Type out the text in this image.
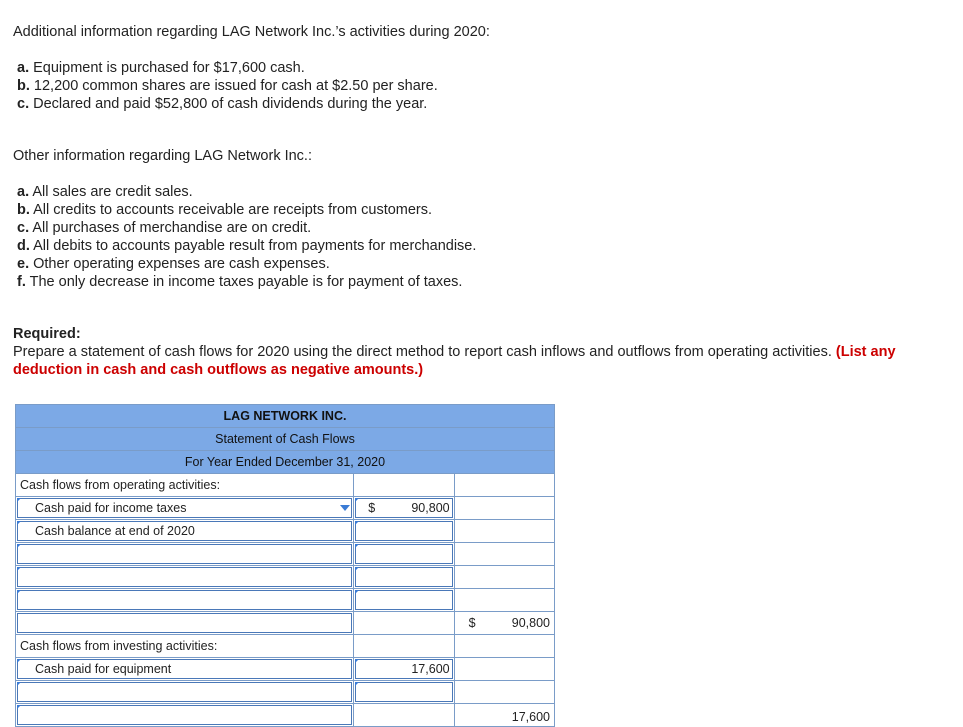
Additional information regarding LAG Network Inc.’s activities during 2020:
a. Equipment is purchased for $17,600 cash.
b. 12,200 common shares are issued for cash at $2.50 per share.
c. Declared and paid $52,800 of cash dividends during the year.
Other information regarding LAG Network Inc.:
a. All sales are credit sales.
b. All credits to accounts receivable are receipts from customers.
c. All purchases of merchandise are on credit.
d. All debits to accounts payable result from payments for merchandise.
e. Other operating expenses are cash expenses.
f. The only decrease in income taxes payable is for payment of taxes.
Required:
Prepare a statement of cash flows for 2020 using the direct method to report cash inflows and outflows from operating activities. (List any deduction in cash and cash outflows as negative amounts.)
LAG NETWORK INC.		
Statement of Cash Flows		
For Year Ended December 31, 2020		
Cash flows from operating activities:		

Cash paid for income taxes	$ 90,800	

Cash balance at end of 2020	

		$ 90,800

Cash flows from investing activities:		

Cash paid for equipment	17,600	

		17,600
